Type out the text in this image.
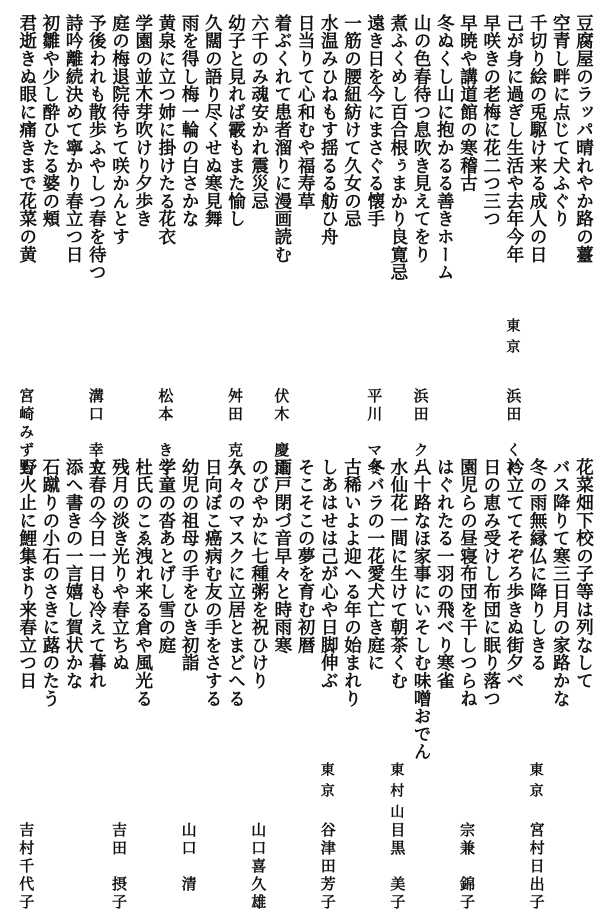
豆腐屋のラッパ晴れやか路の薹
空青し畔に点じて犬ふぐり
千切り絵の兎駆け来る成人の日
己が身に過ぎし生活や去年今年
東京
浜田　くに
早咲きの老梅に花二つ三つ
早暁や講道館の寒稽古
冬ぬくし山に抱かるる善きホーム
山の色春待つ息吹き見えてをり
浜田　クニ
煮ふくめし百合根ぅまかり良寛忌
遠き日を今にまさぐる懐手
平川　マサ
一筋の腰紐紡けて久女の忌
水温みひねもす揺るる舫ひ舟
日当りて心和むや福寿草
着ぶくれて患者溜りに漫画読む
伏木　慶道
六千のみ魂安かれ震災忌
幼子と見れば霰もまた愉し
舛田　克子
久闊の語り尽くせぬ寒見舞
雨を得し梅一輪の白さかな
黄泉に立つ姉に掛けたる花衣
松本　きく
学園の並木芽吹けり夕歩き
庭の梅退院待ちて咲かんとす
予後われも散歩ふやしつ春を待つ
溝口　幸夫
詩吟離続決めて寧かり春立つ日
初雛や少し酔ひたる婆の頬
君逝きぬ眼に痛きまで花菜の黄
宮崎みずも
花菜畑下校の子等は列なして
バス降りて寒三日月の家路かな
冬の雨無縁仏に降りしきる
東京
宮村日出子
衿立ててそぞろ歩きぬ街夕べ
日の恵み受けし布団に眠り落つ
園児らの昼寝布団を干しつらね
宗兼　錦子
はぐれたる一羽の飛べり寒雀
八十路なほ家事にいそしむ味噌おでん
水仙花一間に生けて朝茶くむ
東村山
目黒　美子
冬バラの一花愛犬亡き庭に
古稀いよよ迎へる年の始まれり
しあはせは己が心や日脚伸ぶ
東京
谷津田芳子
そこそこの夢を育む初暦
雨戸閉づ音早々と時雨寒
のびやかに七種粥を祝ひけり
山口喜久雄
久々のマスクに立居とまどへる
日向ぼこ癌病む友の手をさする
幼児の祖母の手をひき初詣
山口　清
学童の沓あとげし雪の庭
杜氏のこゑ洩れ来る倉や風光る
残月の淡き光りや春立ちぬ
吉田　摂子
立春の今日一日も冷えて暮れ
添へ書きの一言嬉し賀状かな
石蹴りの小石のさきに蕗のたう
野火止に鯉集まり来春立つ日
吉村千代子
